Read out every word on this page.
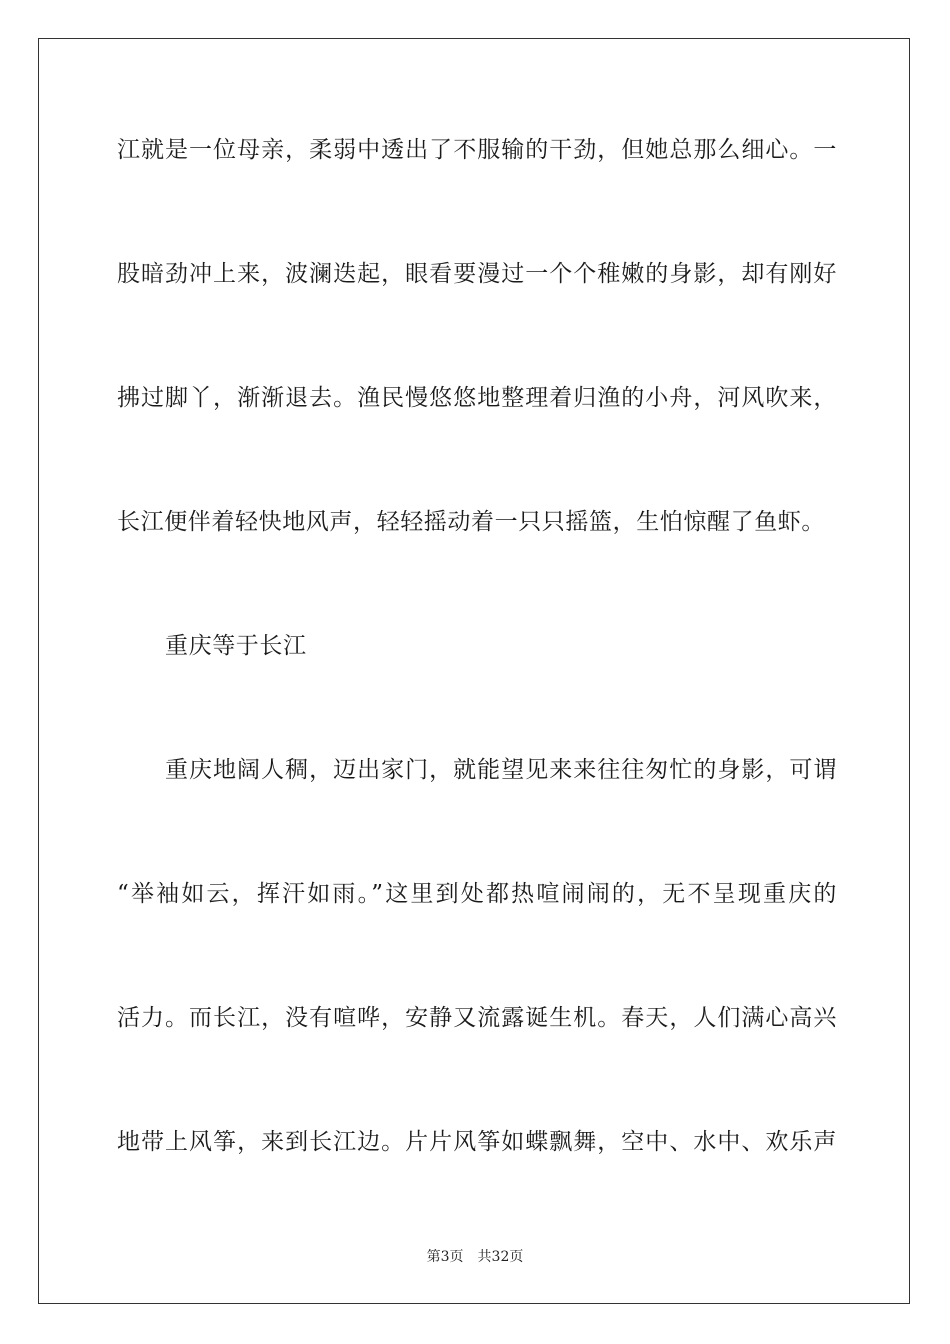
江就是一位母亲，柔弱中透出了不服输的干劲，但她总那么细心。一
股暗劲冲上来，波澜迭起，眼看要漫过一个个稚嫩的身影，却有刚好
拂过脚丫，渐渐退去。渔民慢悠悠地整理着归渔的小舟，河风吹来，
长江便伴着轻快地风声，轻轻摇动着一只只摇篮，生怕惊醒了鱼虾。
重庆等于长江
重庆地阔人稠，迈出家门，就能望见来来往往匆忙的身影，可谓
“举袖如云，挥汗如雨。”这里到处都热喧闹闹的，无不呈现重庆的
活力。而长江，没有喧哗，安静又流露诞生机。春天，人们满心高兴
地带上风筝，来到长江边。片片风筝如蝶飘舞，空中、水中、欢乐声
第3页 共32页
